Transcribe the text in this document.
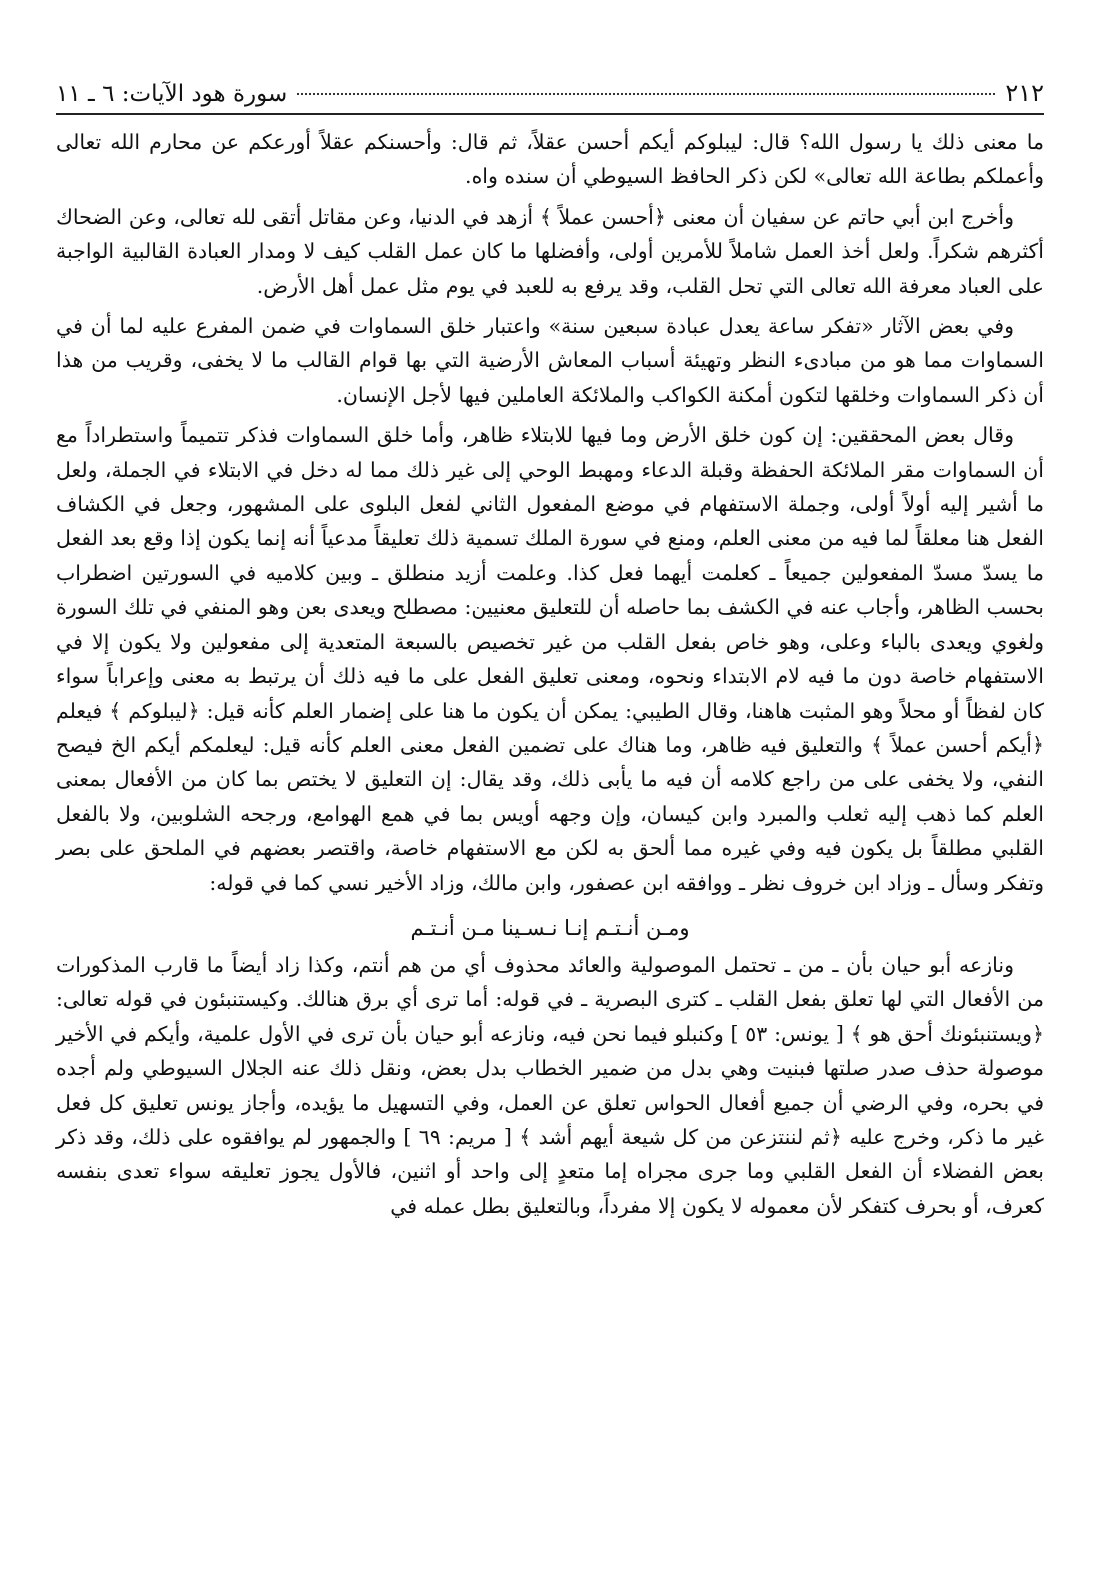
٢١٢
سورة هود الآيات: ٦ ـ ١١

ما معنى ذلك يا رسول الله؟ قال: ليبلوكم أيكم أحسن عقلاً، ثم قال: وأحسنكم عقلاً أورعكم عن محارم الله تعالى وأعملكم بطاعة الله تعالى» لكن ذكر الحافظ السيوطي أن سنده واه.

وأخرج ابن أبي حاتم عن سفيان أن معنى ﴿أحسن عملاً ﴾ أزهد في الدنيا، وعن مقاتل أتقى لله تعالى، وعن الضحاك أكثرهم شكراً. ولعل أخذ العمل شاملاً للأمرين أولى، وأفضلها ما كان عمل القلب كيف لا ومدار العبادة القالبية الواجبة على العباد معرفة الله تعالى التي تحل القلب، وقد يرفع به للعبد في يوم مثل عمل أهل الأرض.

وفي بعض الآثار «تفكر ساعة يعدل عبادة سبعين سنة» واعتبار خلق السماوات في ضمن المفرع عليه لما أن في السماوات مما هو من مبادىء النظر وتهيئة أسباب المعاش الأرضية التي بها قوام القالب ما لا يخفى، وقريب من هذا أن ذكر السماوات وخلقها لتكون أمكنة الكواكب والملائكة العاملين فيها لأجل الإنسان.

وقال بعض المحققين: إن كون خلق الأرض وما فيها للابتلاء ظاهر، وأما خلق السماوات فذكر تتميماً واستطراداً مع أن السماوات مقر الملائكة الحفظة وقبلة الدعاء ومهبط الوحي إلى غير ذلك مما له دخل في الابتلاء في الجملة، ولعل ما أشير إليه أولاً أولى، وجملة الاستفهام في موضع المفعول الثاني لفعل البلوى على المشهور، وجعل في الكشاف الفعل هنا معلقاً لما فيه من معنى العلم، ومنع في سورة الملك تسمية ذلك تعليقاً مدعياً أنه إنما يكون إذا وقع بعد الفعل ما يسدّ مسدّ المفعولين جميعاً ـ كعلمت أيهما فعل كذا. وعلمت أزيد منطلق ـ وبين كلاميه في السورتين اضطراب بحسب الظاهر، وأجاب عنه في الكشف بما حاصله أن للتعليق معنيين: مصطلح ويعدى بعن وهو المنفي في تلك السورة ولغوي ويعدى بالباء وعلى، وهو خاص بفعل القلب من غير تخصيص بالسبعة المتعدية إلى مفعولين ولا يكون إلا في الاستفهام خاصة دون ما فيه لام الابتداء ونحوه، ومعنى تعليق الفعل على ما فيه ذلك أن يرتبط به معنى وإعراباً سواء كان لفظاً أو محلاً وهو المثبت هاهنا، وقال الطيبي: يمكن أن يكون ما هنا على إضمار العلم كأنه قيل: ﴿ليبلوكم ﴾ فيعلم ﴿أيكم أحسن عملاً ﴾ والتعليق فيه ظاهر، وما هناك على تضمين الفعل معنى العلم كأنه قيل: ليعلمكم أيكم الخ فيصح النفي، ولا يخفى على من راجع كلامه أن فيه ما يأبى ذلك، وقد يقال: إن التعليق لا يختص بما كان من الأفعال بمعنى العلم كما ذهب إليه ثعلب والمبرد وابن كيسان، وإن وجهه أويس بما في همع الهوامع، ورجحه الشلوبين، ولا بالفعل القلبي مطلقاً بل يكون فيه وفي غيره مما ألحق به لكن مع الاستفهام خاصة، واقتصر بعضهم في الملحق على بصر وتفكر وسأل ـ وزاد ابن خروف نظر ـ ووافقه ابن عصفور، وابن مالك، وزاد الأخير نسي كما في قوله:

ومـن أنـتـم إنـا نـسـينا مـن أنـتـم

ونازعه أبو حيان بأن ـ من ـ تحتمل الموصولية والعائد محذوف أي من هم أنتم، وكذا زاد أيضاً ما قارب المذكورات من الأفعال التي لها تعلق بفعل القلب ـ كترى البصرية ـ في قوله: أما ترى أي برق هنالك. وكيستنبئون في قوله تعالى: ﴿ويستنبئونك أحق هو ﴾ [ يونس: ٥٣ ] وكنبلو فيما نحن فيه، ونازعه أبو حيان بأن ترى في الأول علمية، وأيكم في الأخير موصولة حذف صدر صلتها فبنيت وهي بدل من ضمير الخطاب بدل بعض، ونقل ذلك عنه الجلال السيوطي ولم أجده في بحره، وفي الرضي أن جميع أفعال الحواس تعلق عن العمل، وفي التسهيل ما يؤيده، وأجاز يونس تعليق كل فعل غير ما ذكر، وخرج عليه ﴿ثم لننتزعن من كل شيعة أيهم أشد ﴾ [ مريم: ٦٩ ] والجمهور لم يوافقوه على ذلك، وقد ذكر بعض الفضلاء أن الفعل القلبي وما جرى مجراه إما متعدٍ إلى واحد أو اثنين، فالأول يجوز تعليقه سواء تعدى بنفسه كعرف، أو بحرف كتفكر لأن معموله لا يكون إلا مفرداً، وبالتعليق بطل عمله في
